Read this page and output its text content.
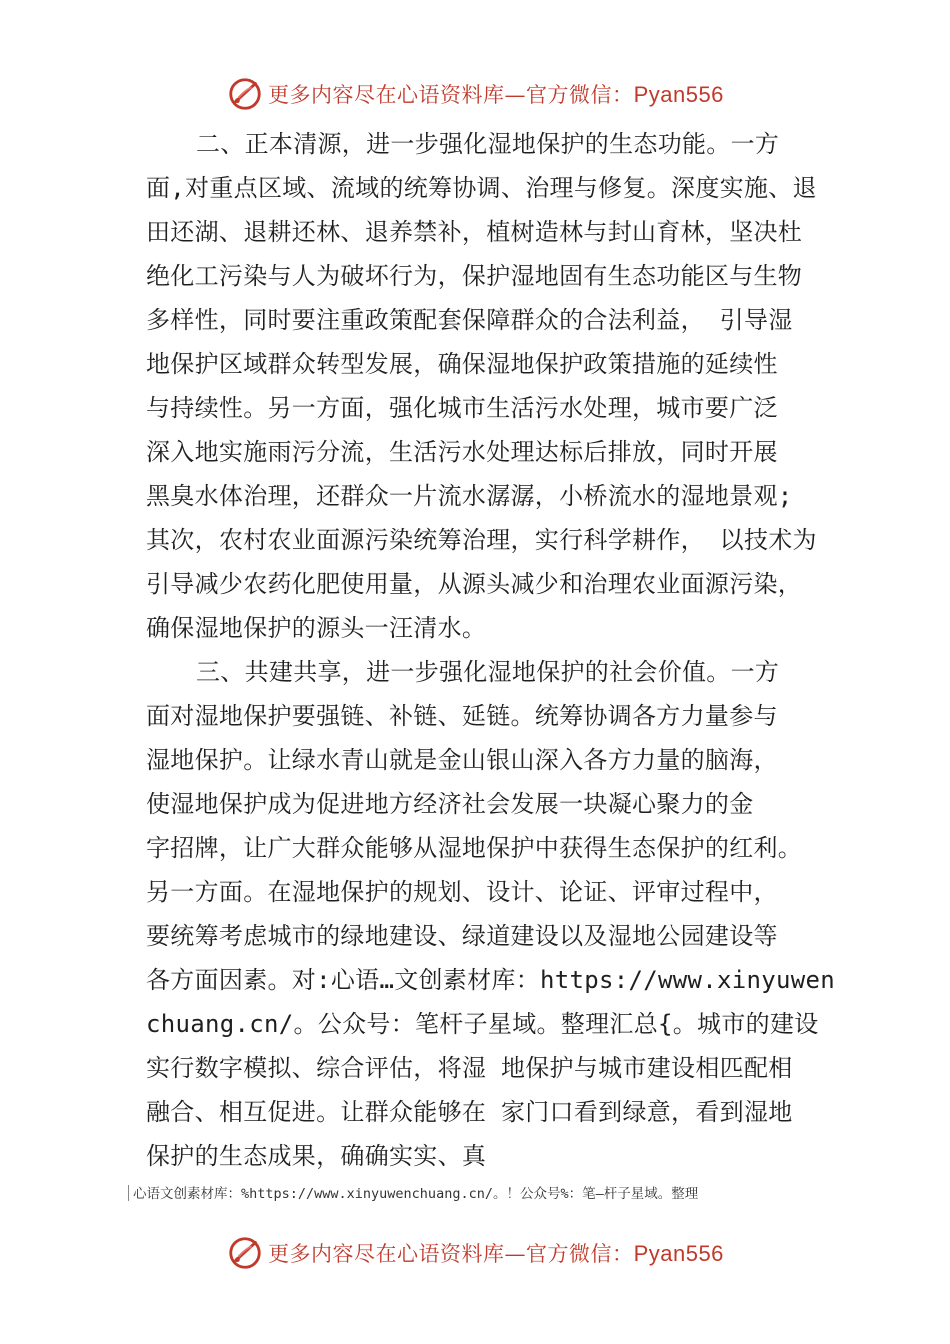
更多内容尽在心语资料库—官方微信：Pyan556
二、正本清源，进一步强化湿地保护的生态功能。一方
面,对重点区域、流域的统筹协调、治理与修复。深度实施、退
田还湖、退耕还林、退养禁补，植树造林与封山育林，坚决杜
绝化工污染与人为破坏行为，保护湿地固有生态功能区与生物
多样性，同时要注重政策配套保障群众的合法利益， 引导湿
地保护区域群众转型发展，确保湿地保护政策措施的延续性
与持续性。另一方面，强化城市生活污水处理，城市要广泛
深入地实施雨污分流，生活污水处理达标后排放，同时开展
黑臭水体治理，还群众一片流水潺潺，小桥流水的湿地景观;
其次，农村农业面源污染统筹治理，实行科学耕作， 以技术为
引导减少农药化肥使用量，从源头减少和治理农业面源污染，
确保湿地保护的源头一汪清水。
三、共建共享，进一步强化湿地保护的社会价值。一方
面对湿地保护要强链、补链、延链。统筹协调各方力量参与
湿地保护。让绿水青山就是金山银山深入各方力量的脑海，
使湿地保护成为促进地方经济社会发展一块凝心聚力的金
字招牌，让广大群众能够从湿地保护中获得生态保护的红利。
另一方面。在湿地保护的规划、设计、论证、评审过程中，
要统筹考虑城市的绿地建设、绿道建设以及湿地公园建设等
各方面因素。对:心语…文创素材库：https://www.xinyuwen
chuang.cn/。公众号：笔杆子星域。整理汇总{。城市的建设
实行数字模拟、综合评估，将湿 地保护与城市建设相匹配相
融合、相互促进。让群众能够在 家门口看到绿意，看到湿地
保护的生态成果，确确实实、真
心语文创素材库：%https://www.xinyuwenchuang.cn/。！公众号%：笔—杆子星域。整理
更多内容尽在心语资料库—官方微信：Pyan556
